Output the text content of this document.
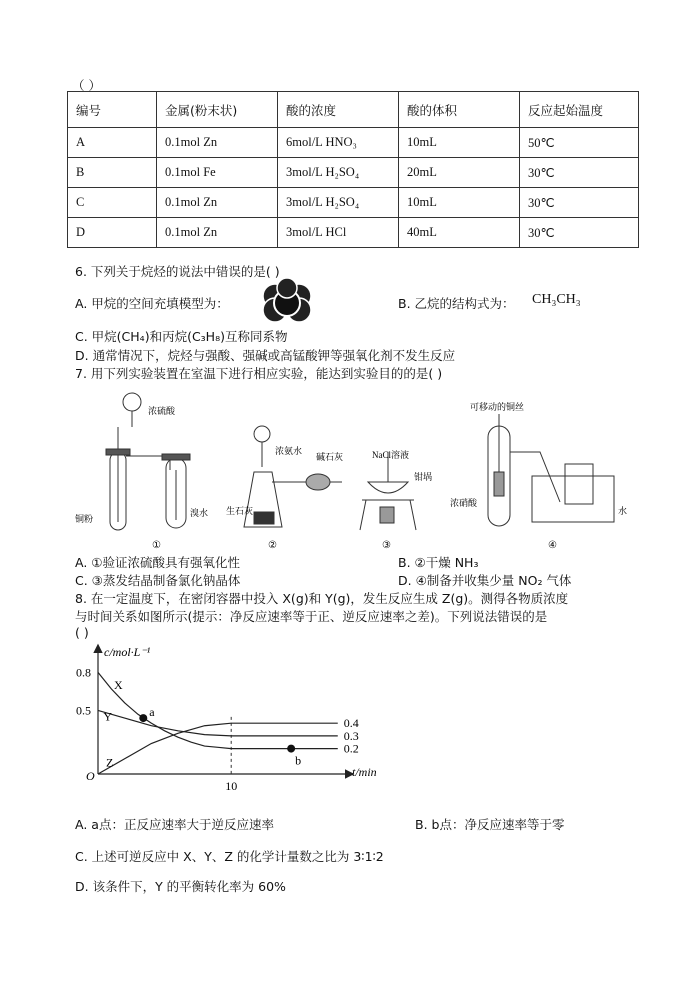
（ ）
编号	金属(粉末状)	酸的浓度	酸的体积	反应起始温度
A	0.1mol Zn	6mol/L HNO₃	10mL	50℃
B	0.1mol Fe	3mol/L H₂SO₄	20mL	30℃
C	0.1mol Zn	3mol/L H₂SO₄	10mL	30℃
D	0.1mol Zn	3mol/L HCl	40mL	30℃
6. 下列关于烷烃的说法中错误的是( )
A. 甲烷的空间充填模型为：	B. 乙烷的结构式为： CH₃CH₃
C. 甲烷(CH₄)和丙烷(C₃H₈)互称同系物
D. 通常情况下，烷烃与强酸、强碱或高锰酸钾等强氧化剂不发生反应
7. 用下列实验装置在室温下进行相应实验，能达到实验目的的是( )
浓硫酸
铜粉
溴水
①
浓氨水
碱石灰
生石灰
②
NaCl溶液
钳埚
③
可移动的铜丝
浓硝酸
水
④
A. ①验证浓硫酸具有强氧化性	B. ②干燥 NH₃
C. ③蒸发结晶制备氯化钠晶体	D. ④制备并收集少量 NO₂ 气体
8. 在一定温度下，在密闭容器中投入 X(g)和 Y(g)，发生反应生成 Z(g)。测得各物质浓度
与时间关系如图所示(提示：净反应速率等于正、逆反应速率之差)。下列说法错误的是
( )
c/mol·L⁻¹
t/min
O
0.8
0.5
10
X
Y
Z
0.4
0.3
0.2
a
b
A. a点：正反应速率大于逆反应速率	B. b点：净反应速率等于零
C. 上述可逆反应中 X、Y、Z 的化学计量数之比为 3∶1∶2
D. 该条件下，Y 的平衡转化率为 60%
